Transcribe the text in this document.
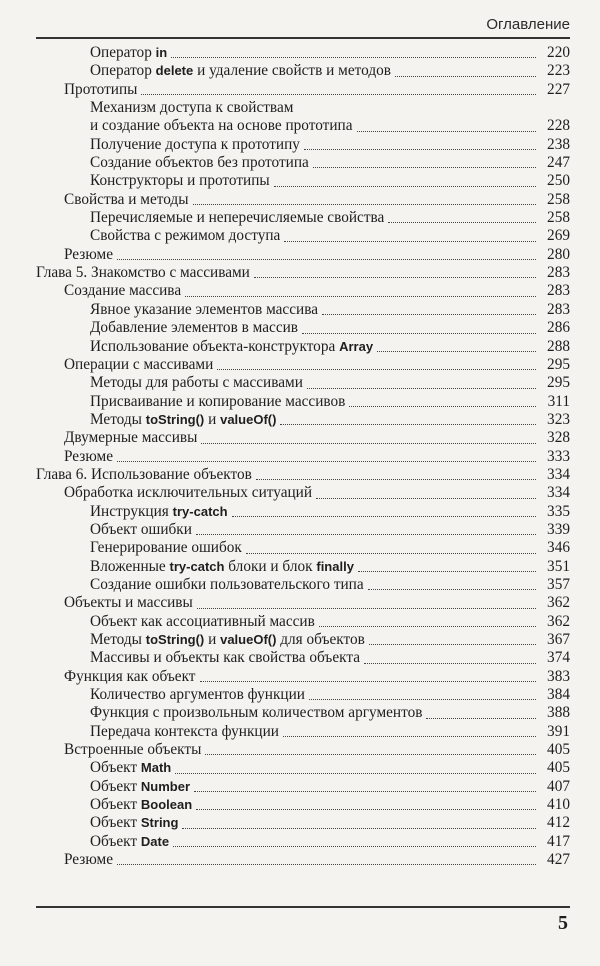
Оглавление
Оператор in	220
Оператор delete и удаление свойств и методов	223
Прототипы	227
Механизм доступа к свойствам
и создание объекта на основе прототипа	228
Получение доступа к прототипу	238
Создание объектов без прототипа	247
Конструкторы и прототипы	250
Свойства и методы	258
Перечисляемые и неперечисляемые свойства	258
Свойства с режимом доступа	269
Резюме	280
Глава 5. Знакомство с массивами	283
Создание массива	283
Явное указание элементов массива	283
Добавление элементов в массив	286
Использование объекта-конструктора Array	288
Операции с массивами	295
Методы для работы с массивами	295
Присваивание и копирование массивов	311
Методы toString() и valueOf()	323
Двумерные массивы	328
Резюме	333
Глава 6. Использование объектов	334
Обработка исключительных ситуаций	334
Инструкция try-catch	335
Объект ошибки	339
Генерирование ошибок	346
Вложенные try-catch блоки и блок finally	351
Создание ошибки пользовательского типа	357
Объекты и массивы	362
Объект как ассоциативный массив	362
Методы toString() и valueOf() для объектов	367
Массивы и объекты как свойства объекта	374
Функция как объект	383
Количество аргументов функции	384
Функция с произвольным количеством аргументов	388
Передача контекста функции	391
Встроенные объекты	405
Объект Math	405
Объект Number	407
Объект Boolean	410
Объект String	412
Объект Date	417
Резюме	427
5
